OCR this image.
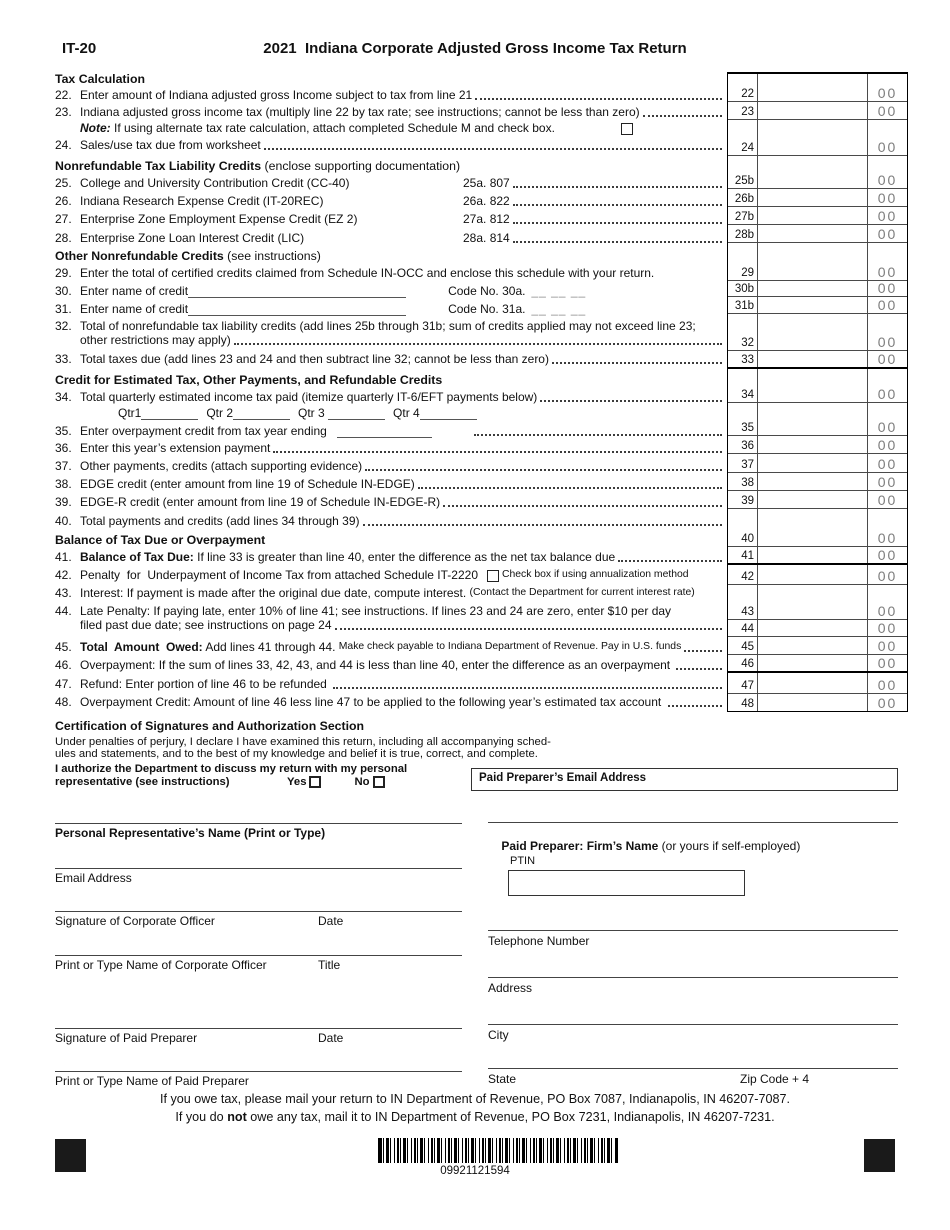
IT-20	2021  Indiana Corporate Adjusted Gross Income Tax Return
Tax Calculation
22. Enter amount of Indiana adjusted gross Income subject to tax from line 21
23. Indiana adjusted gross income tax (multiply line 22 by tax rate; see instructions; cannot be less than zero)
Note: If using alternate tax rate calculation, attach completed Schedule M and check box.
24. Sales/use tax due from worksheet
Nonrefundable Tax Liability Credits (enclose supporting documentation)
25. College and University Contribution Credit (CC-40)	25a. 807
26. Indiana Research Expense Credit (IT-20REC)	26a. 822
27. Enterprise Zone Employment Expense Credit (EZ 2)	27a. 812
28. Enterprise Zone Loan Interest Credit (LIC)	28a. 814
Other Nonrefundable Credits (see instructions)
29. Enter the total of certified credits claimed from Schedule IN-OCC and enclose this schedule with your return.
30. Enter name of credit	Code No. 30a. __ __ __
31. Enter name of credit	Code No. 31a. __ __ __
32. Total of nonrefundable tax liability credits (add lines 25b through 31b; sum of credits applied may not exceed line 23;
other restrictions may apply)
33. Total taxes due (add lines 23 and 24 and then subtract line 32; cannot be less than zero)
Credit for Estimated Tax, Other Payments, and Refundable Credits
34. Total quarterly estimated income tax paid (itemize quarterly IT-6/EFT payments below)
Qtr1	Qtr 2	Qtr 3	Qtr 4
35. Enter overpayment credit from tax year ending
36. Enter this year’s extension payment
37. Other payments, credits (attach supporting evidence)
38. EDGE credit (enter amount from line 19 of Schedule IN-EDGE)
39. EDGE-R credit (enter amount from line 19 of Schedule IN-EDGE-R)
40. Total payments and credits (add lines 34 through 39)
Balance of Tax Due or Overpayment
41. Balance of Tax Due: If line 33 is greater than line 40, enter the difference as the net tax balance due
42. Penalty  for  Underpayment of Income Tax from attached Schedule IT-2220 Check box if using annualization method
43. Interest: If payment is made after the original due date, compute interest. (Contact the Department for current interest rate)
44. Late Penalty: If paying late, enter 10% of line 41; see instructions. If lines 23 and 24 are zero, enter $10 per day
filed past due date; see instructions on page 24
45. Total  Amount  Owed: Add lines 41 through 44. Make check payable to Indiana Department of Revenue. Pay in U.S. funds
46. Overpayment: If the sum of lines 33, 42, 43, and 44 is less than line 40, enter the difference as an overpayment
47. Refund: Enter portion of line 46 to be refunded
48. Overpayment Credit: Amount of line 46 less line 47 to be applied to the following year’s estimated tax account
22	00
23	00
24	00
25b	00
26b	00
27b	00
28b	00
29	00
30b	00
31b	00
32	00
33	00
34	00
35	00
36	00
37	00
38	00
39	00
40	00
41	00
42	00
43	00
44	00
45	00
46	00
47	00
48	00
Certification of Signatures and Authorization Section
Under penalties of perjury, I declare I have examined this return, including all accompanying sched-
ules and statements, and to the best of my knowledge and belief it is true, correct, and complete.
I authorize the Department to discuss my return with my personal
representative (see instructions)	Yes	No	Paid Preparer’s Email Address
Personal Representative’s Name (Print or Type)
Email Address
Signature of Corporate Officer	Date
Print or Type Name of Corporate Officer	Title
Signature of Paid Preparer	Date
Print or Type Name of Paid Preparer

Paid Preparer: Firm’s Name (or yours if self-employed)

PTIN
Telephone Number
Address
City
State	Zip Code + 4
If you owe tax, please mail your return to IN Department of Revenue, PO Box 7087, Indianapolis, IN 46207-7087.
If you do not owe any tax, mail it to IN Department of Revenue, PO Box 7231, Indianapolis, IN 46207-7231.
09921121594
